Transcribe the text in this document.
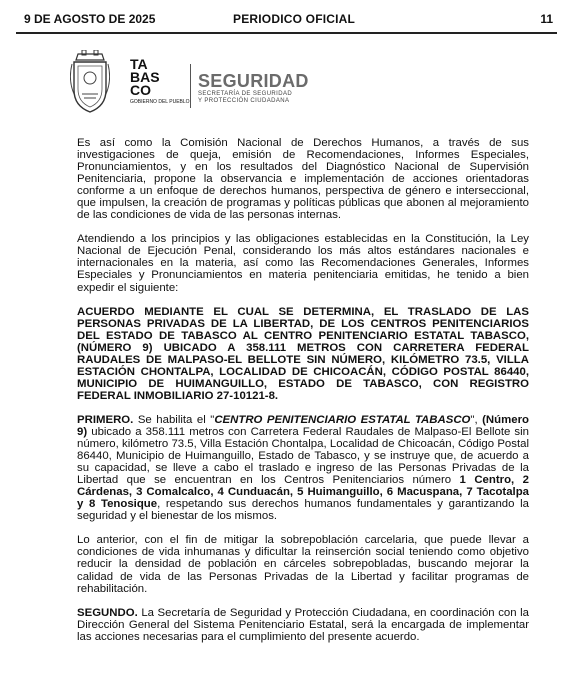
9 DE AGOSTO DE 2025	PERIODICO OFICIAL	11
TA
BAS
CO
GOBIERNO DEL PUEBLO
SEGURIDAD
SECRETARÍA DE SEGURIDAD
Y PROTECCIÓN CIUDADANA

Es así como la Comisión Nacional de Derechos Humanos, a través de sus investigaciones de queja, emisión de Recomendaciones, Informes Especiales, Pronunciamientos, y en los resultados del Diagnóstico Nacional de Supervisión Penitenciaria, propone la observancia e implementación de acciones orientadoras conforme a un enfoque de derechos humanos, perspectiva de género e interseccional, que impulsen, la creación de programas y políticas públicas que abonen al mejoramiento de las condiciones de vida de las personas internas.

Atendiendo a los principios y las obligaciones establecidas en la Constitución, la Ley Nacional de Ejecución Penal, considerando los más altos estándares nacionales e internacionales en la materia, así como las Recomendaciones Generales, Informes Especiales y Pronunciamientos en materia penitenciaria emitidas, he tenido a bien expedir el siguiente:

ACUERDO MEDIANTE EL CUAL SE DETERMINA, EL TRASLADO DE LAS PERSONAS PRIVADAS DE LA LIBERTAD, DE LOS CENTROS PENITENCIARIOS DEL ESTADO DE TABASCO AL CENTRO PENITENCIARIO ESTATAL TABASCO, (NÚMERO 9) UBICADO A 358.111 METROS CON CARRETERA FEDERAL RAUDALES DE MALPASO-EL BELLOTE SIN NÚMERO, KILÓMETRO 73.5, VILLA ESTACIÓN CHONTALPA, LOCALIDAD DE CHICOACÁN, CÓDIGO POSTAL 86440, MUNICIPIO DE HUIMANGUILLO, ESTADO DE TABASCO, CON REGISTRO FEDERAL INMOBILIARIO 27-10121-8.

PRIMERO. Se habilita el "CENTRO PENITENCIARIO ESTATAL TABASCO", (Número 9) ubicado a 358.111 metros con Carretera Federal Raudales de Malpaso-El Bellote sin número, kilómetro 73.5, Villa Estación Chontalpa, Localidad de Chicoacán, Código Postal 86440, Municipio de Huimanguillo, Estado de Tabasco, y se instruye que, de acuerdo a su capacidad, se lleve a cabo el traslado e ingreso de las Personas Privadas de la Libertad que se encuentran en los Centros Penitenciarios número 1 Centro, 2 Cárdenas, 3 Comalcalco, 4 Cunduacán, 5 Huimanguillo, 6 Macuspana, 7 Tacotalpa y 8 Tenosique, respetando sus derechos humanos fundamentales y garantizando la seguridad y el bienestar de los mismos.

Lo anterior, con el fin de mitigar la sobrepoblación carcelaria, que puede llevar a condiciones de vida inhumanas y dificultar la reinserción social teniendo como objetivo reducir la densidad de población en cárceles sobrepobladas, buscando mejorar la calidad de vida de las Personas Privadas de la Libertad y facilitar programas de rehabilitación.

SEGUNDO. La Secretaría de Seguridad y Protección Ciudadana, en coordinación con la Dirección General del Sistema Penitenciario Estatal, será la encargada de implementar las acciones necesarias para el cumplimiento del presente acuerdo.
